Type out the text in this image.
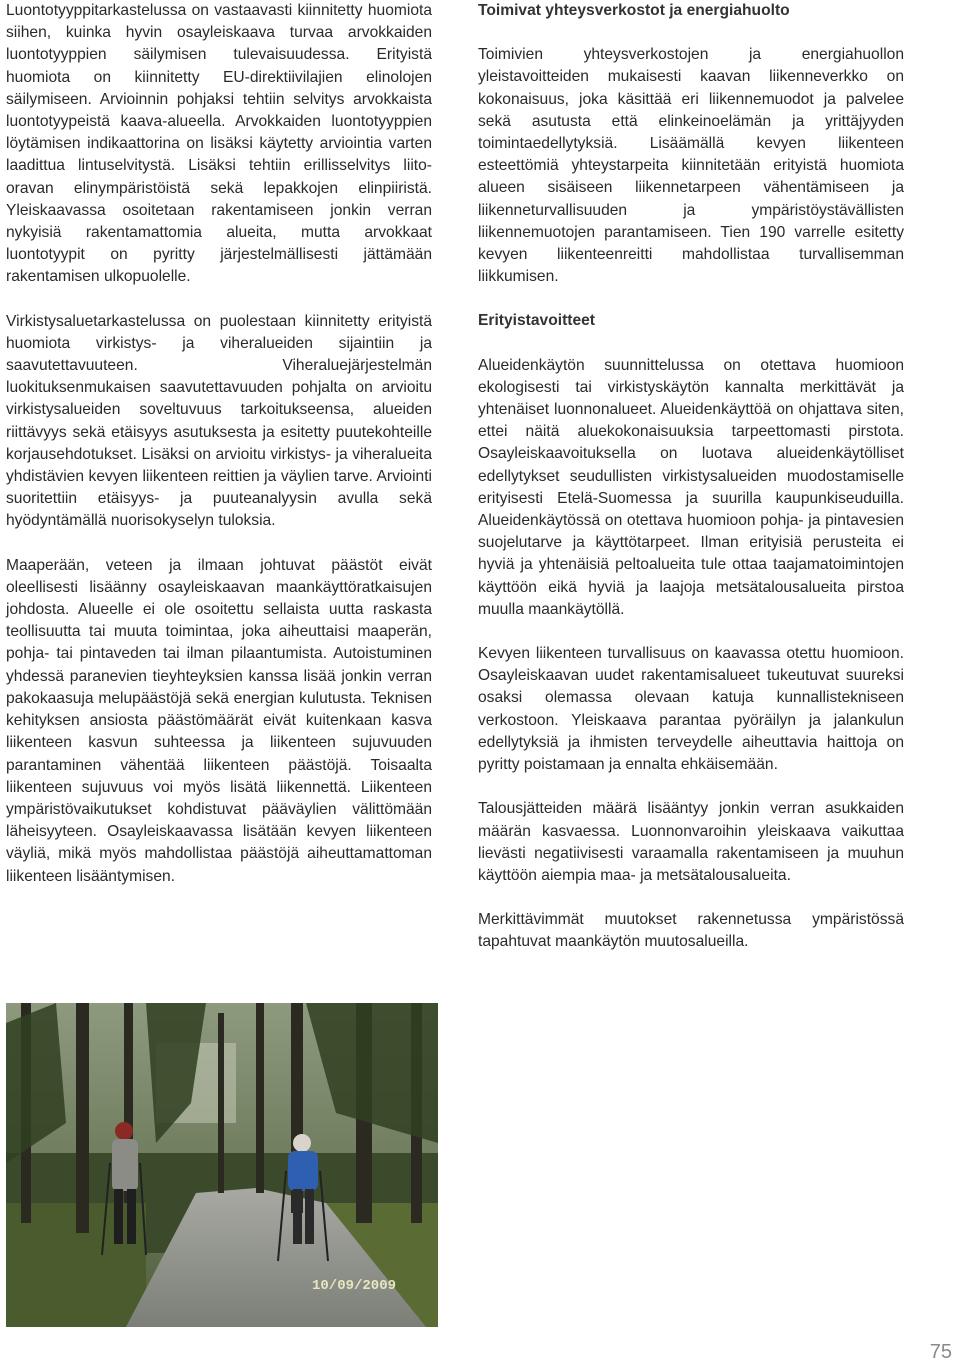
Luontotyyppitarkastelussa on vastaavasti kiinnitetty huomiota siihen, kuinka hyvin osayleiskaava turvaa arvokkaiden luontotyyppien säilymisen tulevaisuudessa. Erityistä huomiota on kiinnitetty EU-direktiivilajien elinolojen säilymiseen. Arvioinnin pohjaksi tehtiin selvitys arvokkaista luontotyypeistä kaava-alueella. Arvokkaiden luontotyyppien löytämisen indikaattorina on lisäksi käytetty arviointia varten laadittua lintuselvitystä. Lisäksi tehtiin erillisselvitys liito-oravan elinympäristöistä sekä lepakkojen elinpiiristä. Yleiskaavassa osoitetaan rakentamiseen jonkin verran nykyisiä rakentamattomia alueita, mutta arvokkaat luontotyypit on pyritty järjestelmällisesti jättämään rakentamisen ulkopuolelle.

Virkistysaluetarkastelussa on puolestaan kiinnitetty erityistä huomiota virkistys- ja viheralueiden sijaintiin ja saavutettavuuteen. Viheraluejärjestelmän luokituksenmukaisen saavutettavuuden pohjalta on arvioitu virkistysalueiden soveltuvuus tarkoitukseensa, alueiden riittävyys sekä etäisyys asutuksesta ja esitetty puutekohteille korjausehdotukset. Lisäksi on arvioitu virkistys- ja viheralueita yhdistävien kevyen liikenteen reittien ja väylien tarve. Arviointi suoritettiin etäisyys- ja puuteanalyysin avulla sekä hyödyntämällä nuorisokyselyn tuloksia.

Maaperään, veteen ja ilmaan johtuvat päästöt eivät oleellisesti lisäänny osayleiskaavan maankäyttöratkaisujen johdosta. Alueelle ei ole osoitettu sellaista uutta raskasta teollisuutta tai muuta toimintaa, joka aiheuttaisi maaperän, pohja- tai pintaveden tai ilman pilaantumista. Autoistuminen yhdessä paranevien tieyhteyksien kanssa lisää jonkin verran pakokaasuja melupäästöjä sekä energian kulutusta. Teknisen kehityksen ansiosta päästömäärät eivät kuitenkaan kasva liikenteen kasvun suhteessa ja liikenteen sujuvuuden parantaminen vähentää liikenteen päästöjä. Toisaalta liikenteen sujuvuus voi myös lisätä liikennettä. Liikenteen ympäristövaikutukset kohdistuvat pääväylien välittömään läheisyyteen. Osayleiskaavassa lisätään kevyen liikenteen väyliä, mikä myös mahdollistaa päästöjä aiheuttamattoman liikenteen lisääntymisen.

Toimivat yhteysverkostot ja energiahuolto

Toimivien yhteysverkostojen ja energiahuollon yleistavoitteiden mukaisesti kaavan liikenneverkko on kokonaisuus, joka käsittää eri liikennemuodot ja palvelee sekä asutusta että elinkeinoelämän ja yrittäjyyden toimintaedellytyksiä. Lisäämällä kevyen liikenteen esteettömiä yhteystarpeita kiinnitetään erityistä huomiota alueen sisäiseen liikennetarpeen vähentämiseen ja liikenneturvallisuuden ja ympäristöystävällisten liikennemuotojen parantamiseen. Tien 190 varrelle esitetty kevyen liikenteenreitti mahdollistaa turvallisemman liikkumisen.

Erityistavoitteet

Alueidenkäytön suunnittelussa on otettava huomioon ekologisesti tai virkistyskäytön kannalta merkittävät ja yhtenäiset luonnonalueet. Alueidenkäyttöä on ohjattava siten, ettei näitä aluekokonaisuuksia tarpeettomasti pirstota. Osayleiskaavoituksella on luotava alueidenkäytölliset edellytykset seudullisten virkistysalueiden muodostamiselle erityisesti Etelä-Suomessa ja suurilla kaupunkiseuduilla. Alueidenkäytössä on otettava huomioon pohja- ja pintavesien suojelutarve ja käyttötarpeet. Ilman erityisiä perusteita ei hyviä ja yhtenäisiä peltoalueita tule ottaa taajamatoimintojen käyttöön eikä hyviä ja laajoja metsätalousalueita pirstoa muulla maankäytöllä.

Kevyen liikenteen turvallisuus on kaavassa otettu huomioon. Osayleiskaavan uudet rakentamisalueet tukeutuvat suureksi osaksi olemassa olevaan katuja kunnallistekniseen verkostoon. Yleiskaava parantaa pyöräilyn ja jalankulun edellytyksiä ja ihmisten terveydelle aiheuttavia haittoja on pyritty poistamaan ja ennalta ehkäisemään.

Talousjätteiden määrä lisääntyy jonkin verran asukkaiden määrän kasvaessa. Luonnonvaroihin yleiskaava vaikuttaa lievästi negatiivisesti varaamalla rakentamiseen ja muuhun käyttöön aiempia maa- ja metsätalousalueita.

Merkittävimmät muutokset rakennetussa ympäristössä tapahtuvat maankäytön muutosalueilla.

10/09/2009
75
